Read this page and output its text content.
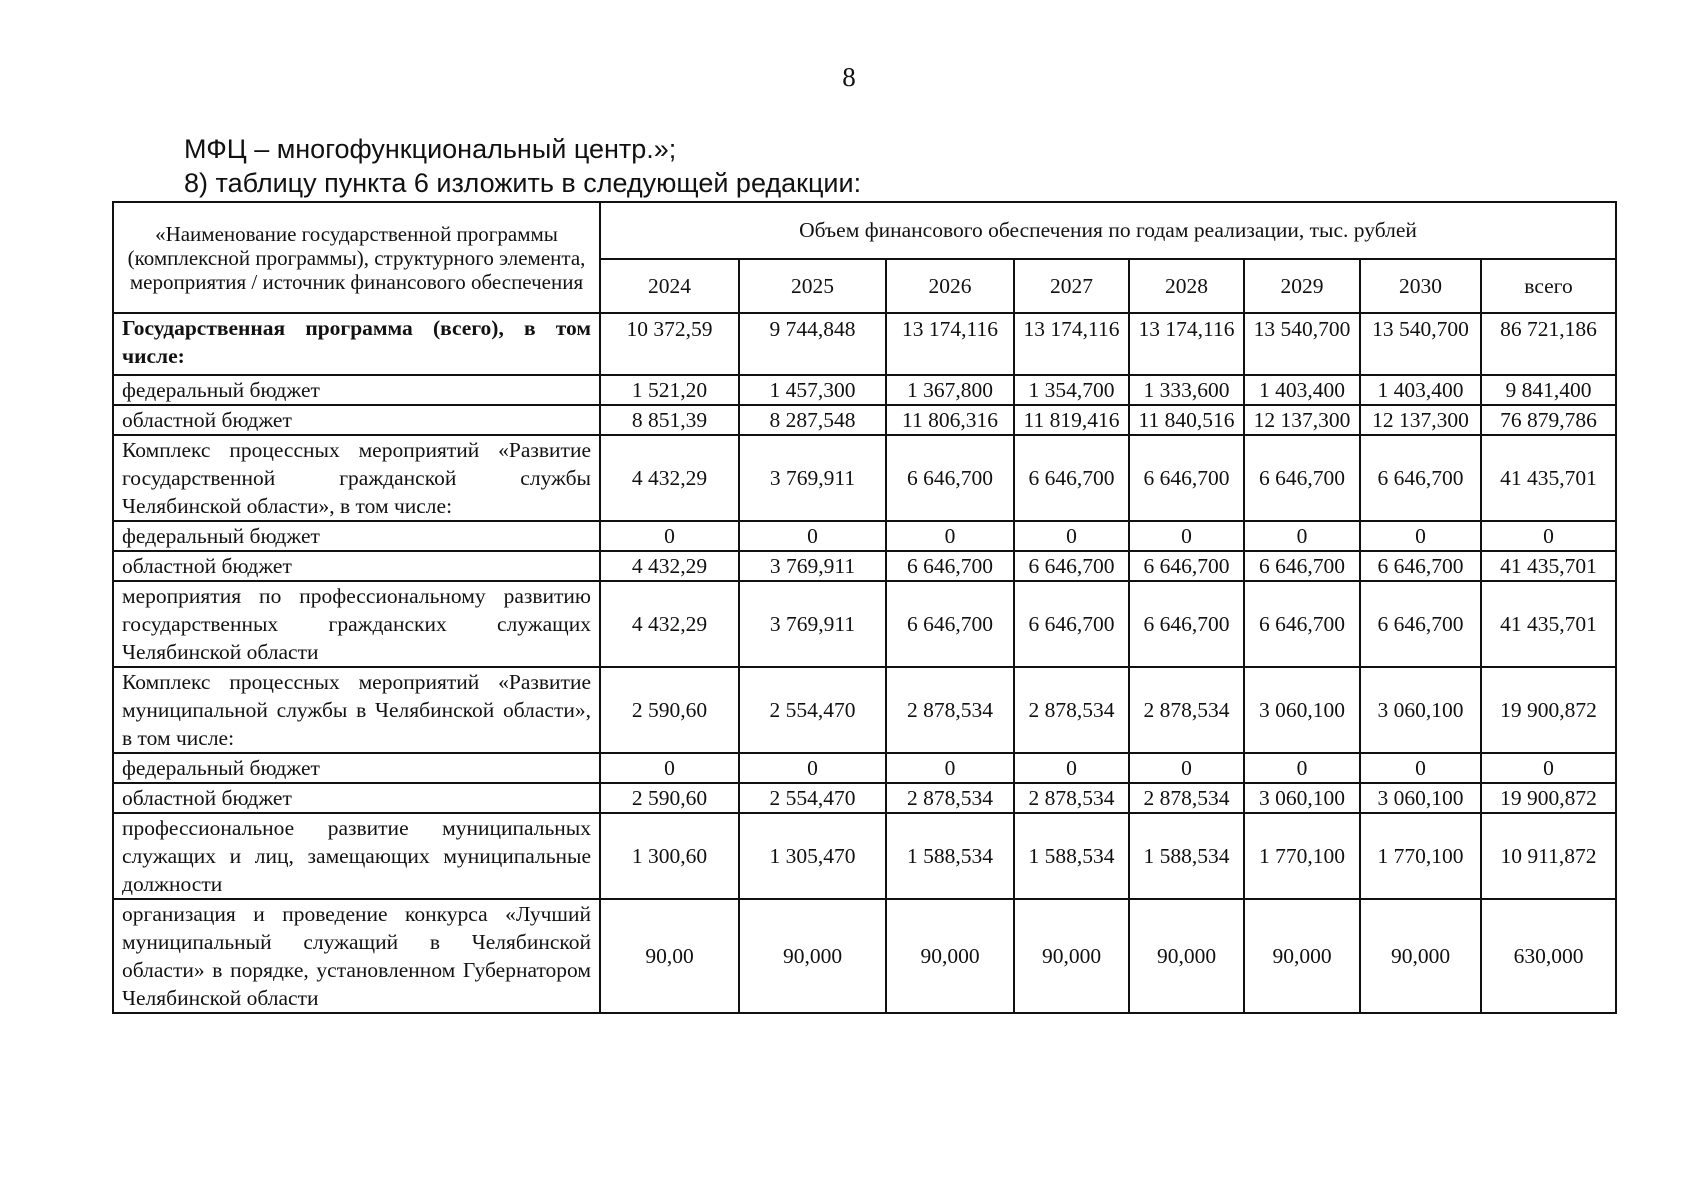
8
МФЦ – многофункциональный центр.»;
8) таблицу пункта 6 изложить в следующей редакции:
«Наименование государственной программы (комплексной программы), структурного элемента, мероприятия / источник финансового обеспечения	Объем финансового обеспечения по годам реализации, тыс. рублей							
	2024	2025	2026	2027	2028	2029	2030	всего
Государственная программа (всего), в том числе:	10 372,59	9 744,848	13 174,116	13 174,116	13 174,116	13 540,700	13 540,700	86 721,186
федеральный бюджет	1 521,20	1 457,300	1 367,800	1 354,700	1 333,600	1 403,400	1 403,400	9 841,400
областной бюджет	8 851,39	8 287,548	11 806,316	11 819,416	11 840,516	12 137,300	12 137,300	76 879,786
Комплекс процессных мероприятий «Развитие государственной гражданской службы Челябинской области», в том числе:	4 432,29	3 769,911	6 646,700	6 646,700	6 646,700	6 646,700	6 646,700	41 435,701
федеральный бюджет	0	0	0	0	0	0	0	0
областной бюджет	4 432,29	3 769,911	6 646,700	6 646,700	6 646,700	6 646,700	6 646,700	41 435,701
мероприятия по профессиональному развитию государственных гражданских служащих Челябинской области	4 432,29	3 769,911	6 646,700	6 646,700	6 646,700	6 646,700	6 646,700	41 435,701
Комплекс процессных мероприятий «Развитие муниципальной службы в Челябинской области», в том числе:	2 590,60	2 554,470	2 878,534	2 878,534	2 878,534	3 060,100	3 060,100	19 900,872
федеральный бюджет	0	0	0	0	0	0	0	0
областной бюджет	2 590,60	2 554,470	2 878,534	2 878,534	2 878,534	3 060,100	3 060,100	19 900,872
профессиональное развитие муниципальных служащих и лиц, замещающих муниципальные должности	1 300,60	1 305,470	1 588,534	1 588,534	1 588,534	1 770,100	1 770,100	10 911,872
организация и проведение конкурса «Лучший муниципальный служащий в Челябинской области» в порядке, установленном Губернатором Челябинской области	90,00	90,000	90,000	90,000	90,000	90,000	90,000	630,000
